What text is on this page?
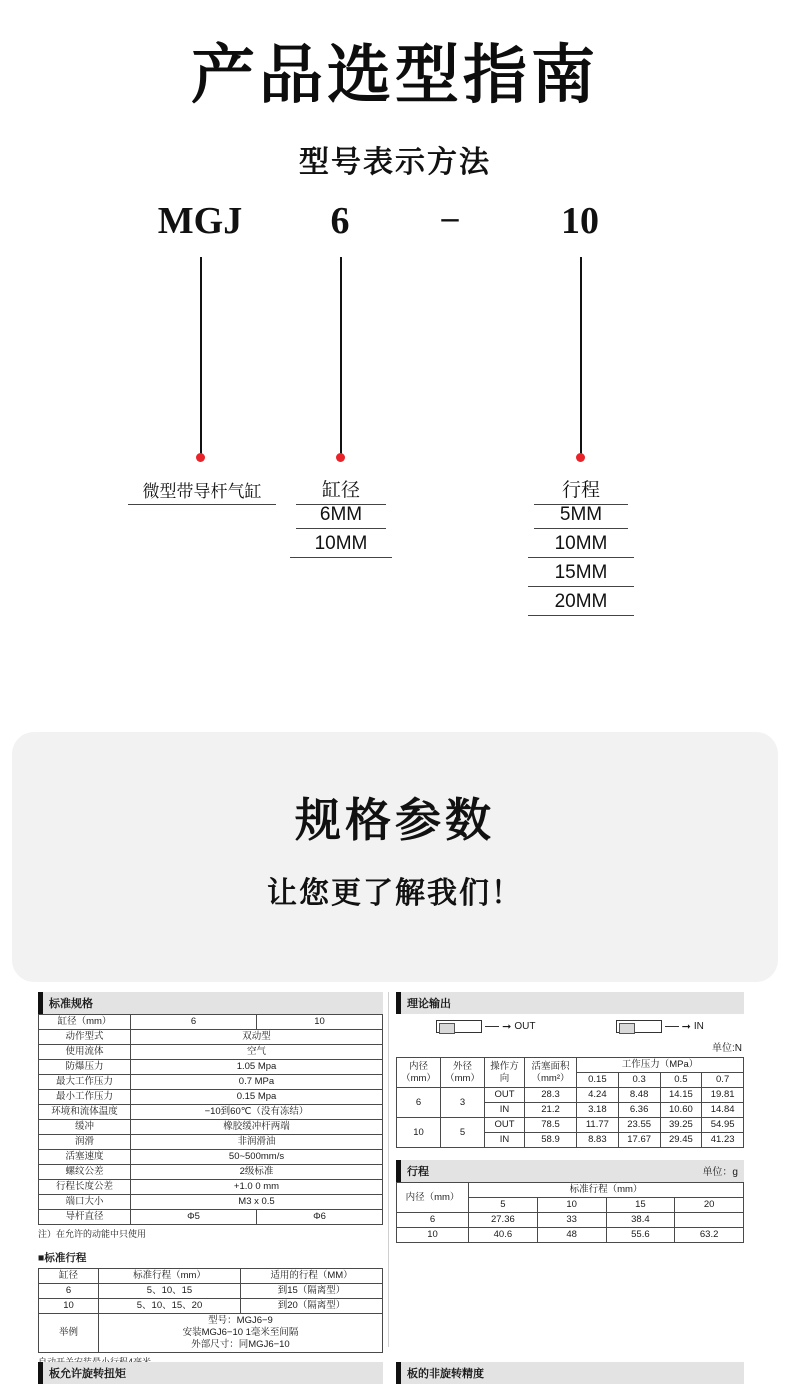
产品选型指南
型号表示方法
MGJ	6	–	10
微型带导杆气缸	缸径
6MM
10MM
行程
5MM
10MM
15MM
20MM
规格参数
让您更了解我们！
标准规格
缸径（mm）	6	10
动作型式	双动型	
使用流体	空气	
防爆压力	1.05 Mpa	
最大工作压力	0.7 MPa	
最小工作压力	0.15 Mpa	
环境和流体温度	−10到60℃（没有冻结）	
缓冲	橡胶缓冲杆两端	
润滑	非润滑油	
活塞速度	50~500mm/s	
螺纹公差	2级标准	
行程长度公差	+1.0 0 mm	
端口大小	M3 x 0.5	
导杆直径	Φ5	Φ6
注）在允许的动能中只使用
■标准行程
缸径	标准行程（mm）	适用的行程（MM）
6	5、10、15	到15（隔离型）
10	5、10、15、20	到20（隔离型）
举例	型号：MGJ6−9
安装MGJ6−10 1毫米至间隔
外部尺寸：同MGJ6−10	
理论输出
➞ OUT	➞ IN
单位:N
内径（mm）	外径（mm）	操作方向	活塞面积（mm²）	工作压力（MPa）			
				0.15	0.3	0.5	0.7
6	3	OUT	28.3	4.24	8.48	14.15	19.81
		IN	21.2	3.18	6.36	10.60	14.84
10	5	OUT	78.5	11.77	23.55	39.25	54.95
		IN	58.9	8.83	17.67	29.45	41.23
行程	单位：g
内径（mm）	标准行程（mm）			
	5	10	15	20
6	27.36	33	38.4	
10	40.6	48	55.6	63.2
板允许旋转扭矩	板的非旋转精度
